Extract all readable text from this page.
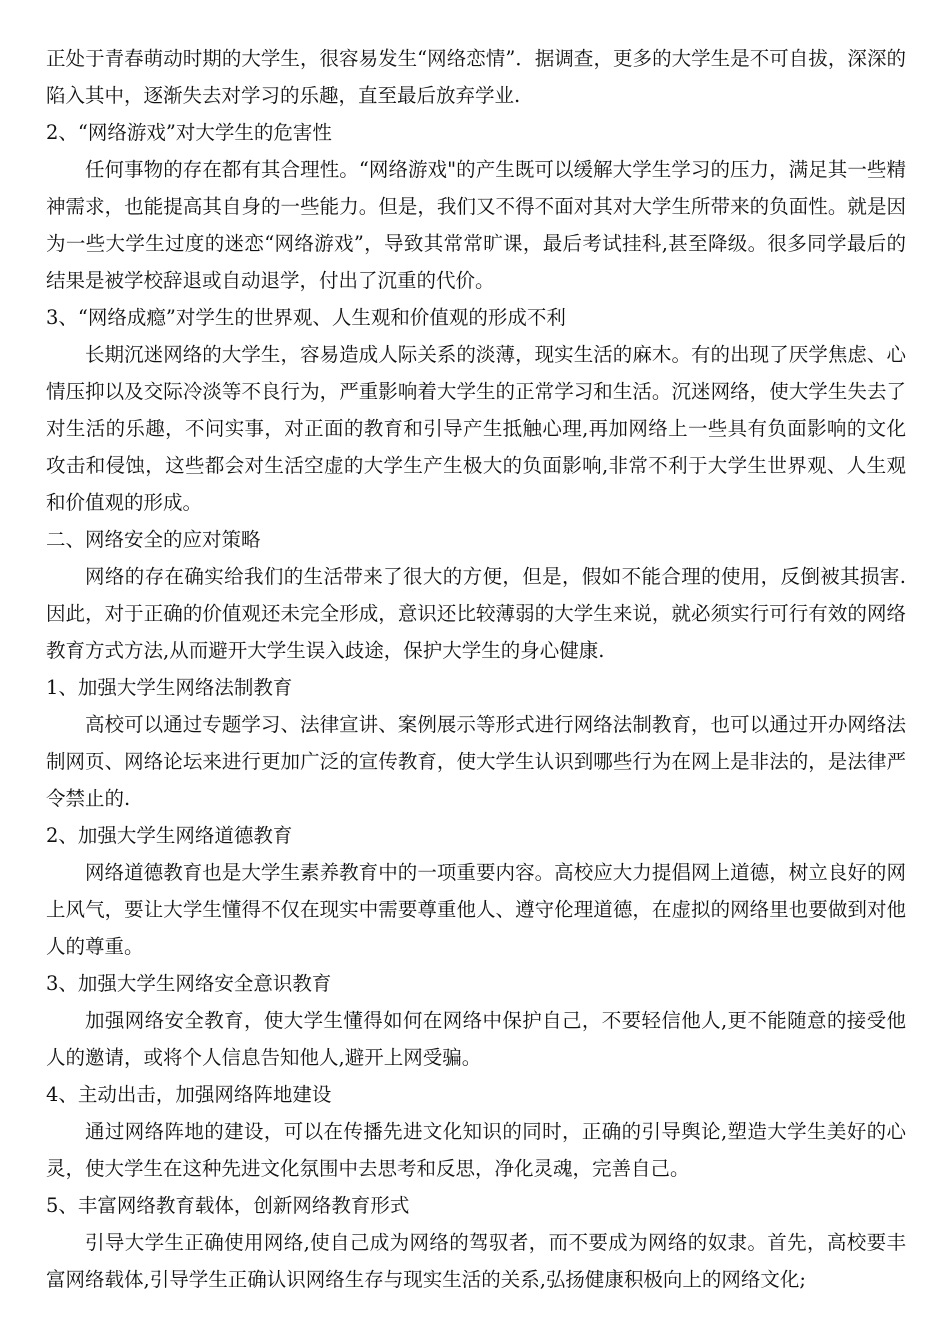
正处于青春萌动时期的大学生，很容易发生“网络恋情”．据调查，更多的大学生是不可自拔，深深的陷入其中，逐渐失去对学习的乐趣，直至最后放弃学业.

2、“网络游戏”对大学生的危害性

任何事物的存在都有其合理性。“网络游戏"的产生既可以缓解大学生学习的压力，满足其一些精神需求，也能提高其自身的一些能力。但是，我们又不得不面对其对大学生所带来的负面性。就是因为一些大学生过度的迷恋“网络游戏”，导致其常常旷课，最后考试挂科,甚至降级。很多同学最后的结果是被学校辞退或自动退学，付出了沉重的代价。

3、“网络成瘾”对学生的世界观、人生观和价值观的形成不利

长期沉迷网络的大学生，容易造成人际关系的淡薄，现实生活的麻木。有的出现了厌学焦虑、心情压抑以及交际冷淡等不良行为，严重影响着大学生的正常学习和生活。沉迷网络，使大学生失去了对生活的乐趣，不问实事，对正面的教育和引导产生抵触心理,再加网络上一些具有负面影响的文化攻击和侵蚀，这些都会对生活空虚的大学生产生极大的负面影响,非常不利于大学生世界观、人生观和价值观的形成。

二、网络安全的应对策略

网络的存在确实给我们的生活带来了很大的方便，但是，假如不能合理的使用，反倒被其损害.因此，对于正确的价值观还未完全形成，意识还比较薄弱的大学生来说，就必须实行可行有效的网络教育方式方法,从而避开大学生误入歧途，保护大学生的身心健康.

1、加强大学生网络法制教育

高校可以通过专题学习、法律宣讲、案例展示等形式进行网络法制教育，也可以通过开办网络法制网页、网络论坛来进行更加广泛的宣传教育，使大学生认识到哪些行为在网上是非法的，是法律严令禁止的.

2、加强大学生网络道德教育

网络道德教育也是大学生素养教育中的一项重要内容。高校应大力提倡网上道德，树立良好的网上风气，要让大学生懂得不仅在现实中需要尊重他人、遵守伦理道德，在虚拟的网络里也要做到对他人的尊重。

3、加强大学生网络安全意识教育

加强网络安全教育，使大学生懂得如何在网络中保护自己，不要轻信他人,更不能随意的接受他人的邀请，或将个人信息告知他人,避开上网受骗。

4、主动出击，加强网络阵地建设

通过网络阵地的建设，可以在传播先进文化知识的同时，正确的引导舆论,塑造大学生美好的心灵，使大学生在这种先进文化氛围中去思考和反思，净化灵魂，完善自己。

5、丰富网络教育载体，创新网络教育形式

引导大学生正确使用网络,使自己成为网络的驾驭者，而不要成为网络的奴隶。首先，高校要丰富网络载体,引导学生正确认识网络生存与现实生活的关系,弘扬健康积极向上的网络文化;
